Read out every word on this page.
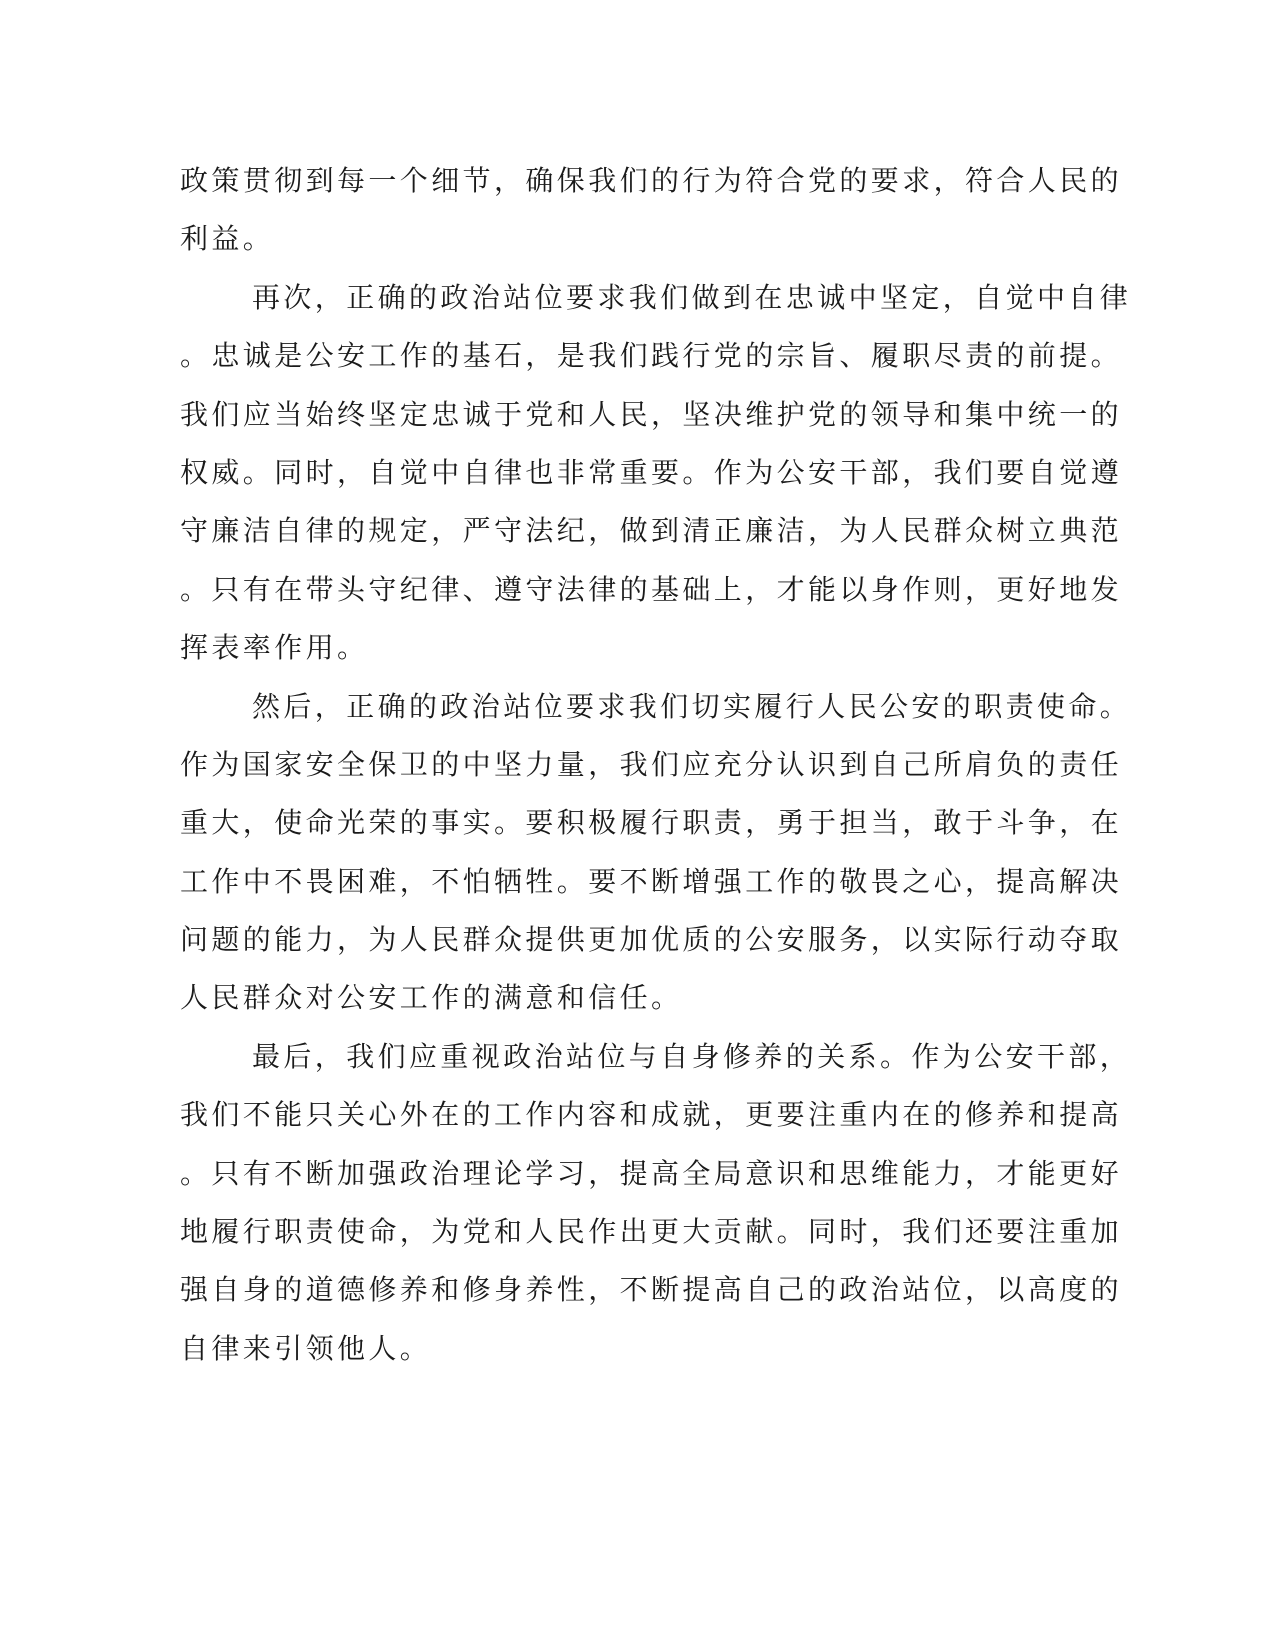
政策贯彻到每一个细节，确保我们的行为符合党的要求，符合人民的
利益。
再次，正确的政治站位要求我们做到在忠诚中坚定，自觉中自律
。忠诚是公安工作的基石，是我们践行党的宗旨、履职尽责的前提。
我们应当始终坚定忠诚于党和人民，坚决维护党的领导和集中统一的
权威。同时，自觉中自律也非常重要。作为公安干部，我们要自觉遵
守廉洁自律的规定，严守法纪，做到清正廉洁，为人民群众树立典范
。只有在带头守纪律、遵守法律的基础上，才能以身作则，更好地发
挥表率作用。
然后，正确的政治站位要求我们切实履行人民公安的职责使命。
作为国家安全保卫的中坚力量，我们应充分认识到自己所肩负的责任
重大，使命光荣的事实。要积极履行职责，勇于担当，敢于斗争，在
工作中不畏困难，不怕牺牲。要不断增强工作的敬畏之心，提高解决
问题的能力，为人民群众提供更加优质的公安服务，以实际行动夺取
人民群众对公安工作的满意和信任。
最后，我们应重视政治站位与自身修养的关系。作为公安干部，
我们不能只关心外在的工作内容和成就，更要注重内在的修养和提高
。只有不断加强政治理论学习，提高全局意识和思维能力，才能更好
地履行职责使命，为党和人民作出更大贡献。同时，我们还要注重加
强自身的道德修养和修身养性，不断提高自己的政治站位，以高度的
自律来引领他人。
